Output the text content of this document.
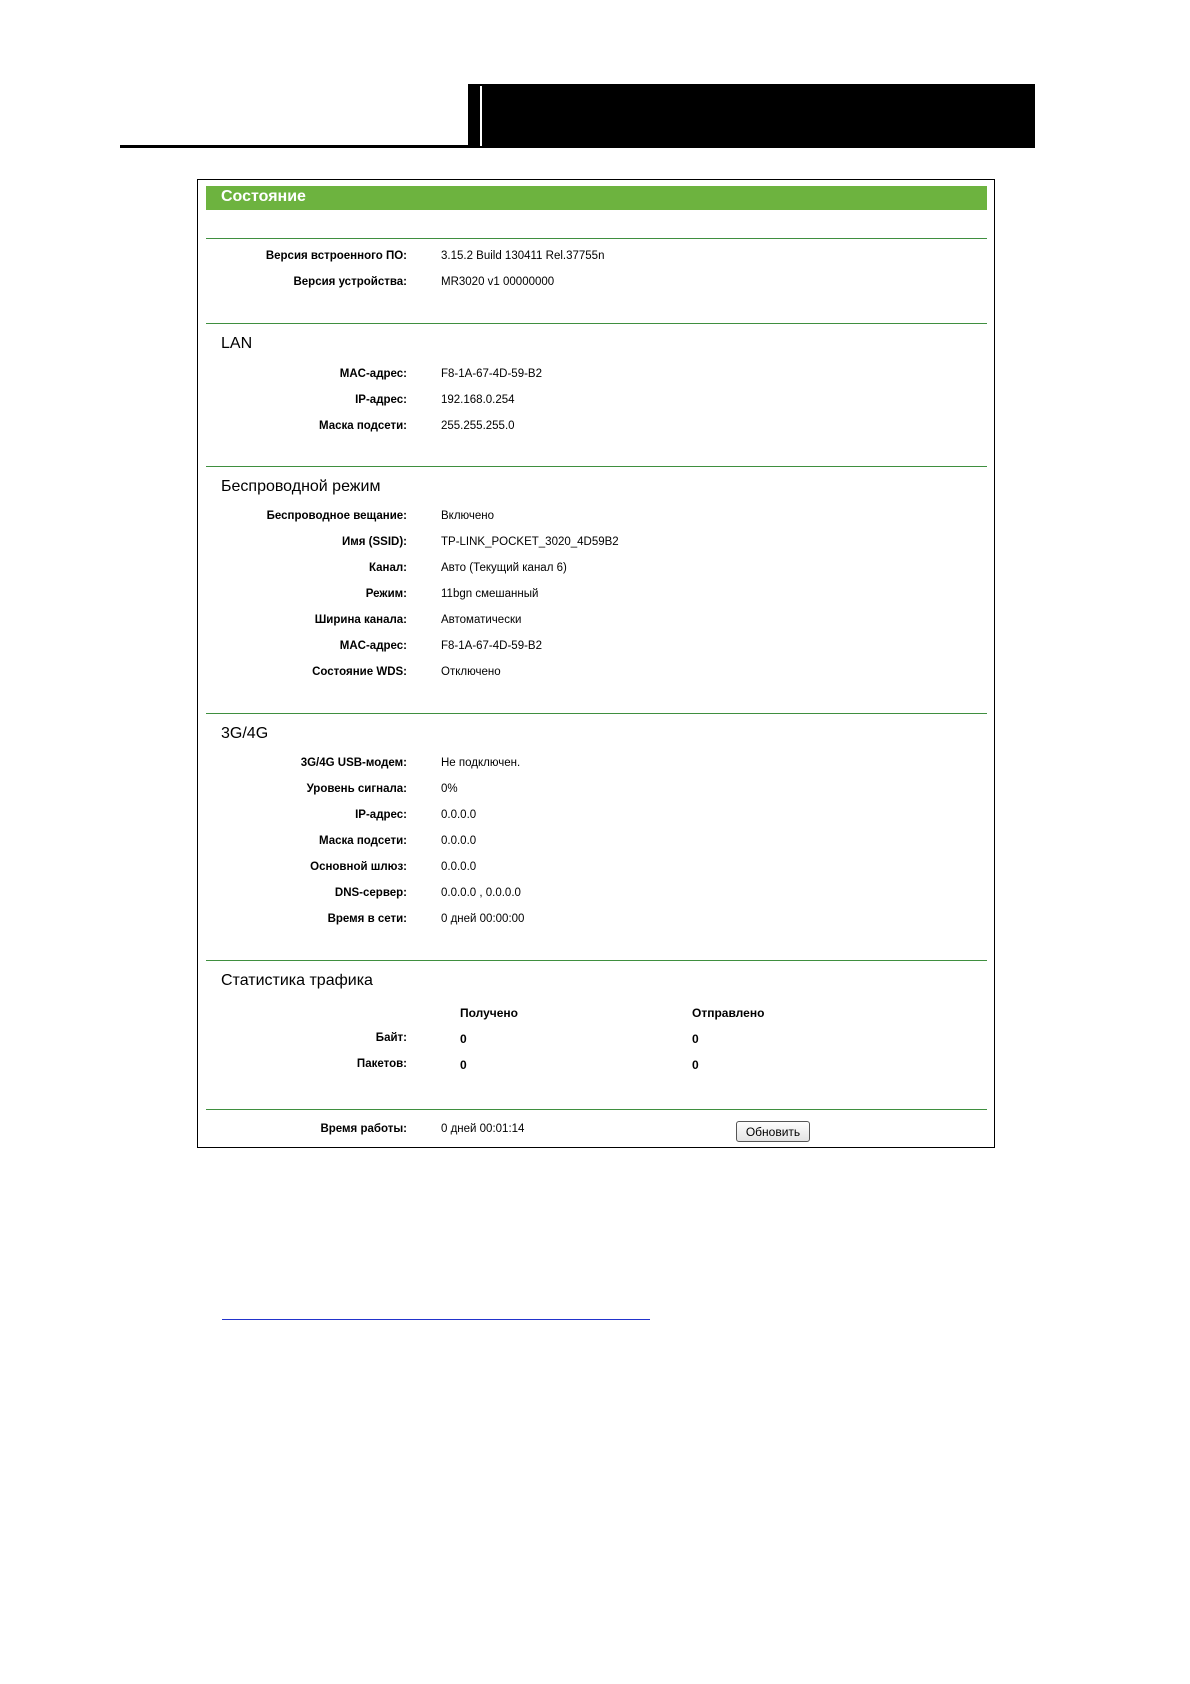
Состояние
Версия встроенного ПО:	3.15.2 Build 130411 Rel.37755n
Версия устройства:	MR3020 v1 00000000
LAN
MAC-адрес:	F8-1A-67-4D-59-B2
IP-адрес:	192.168.0.254
Маска подсети:	255.255.255.0
Беспроводной режим
Беспроводное вещание:	Включено
Имя (SSID):	TP-LINK_POCKET_3020_4D59B2
Канал:	Авто (Текущий канал 6)
Режим:	11bgn смешанный
Ширина канала:	Автоматически
MAC-адрес:	F8-1A-67-4D-59-B2
Состояние WDS:	Отключено
3G/4G
3G/4G USB-модем:	Не подключен.
Уровень сигнала:	0%
IP-адрес:	0.0.0.0
Маска подсети:	0.0.0.0
Основной шлюз:	0.0.0.0
DNS-сервер:	0.0.0.0 , 0.0.0.0
Время в сети:	0 дней 00:00:00
Статистика трафика
Получено	Отправлено
Байт:	0	0
Пакетов:	0	0
Время работы:	0 дней 00:01:14	Обновить
